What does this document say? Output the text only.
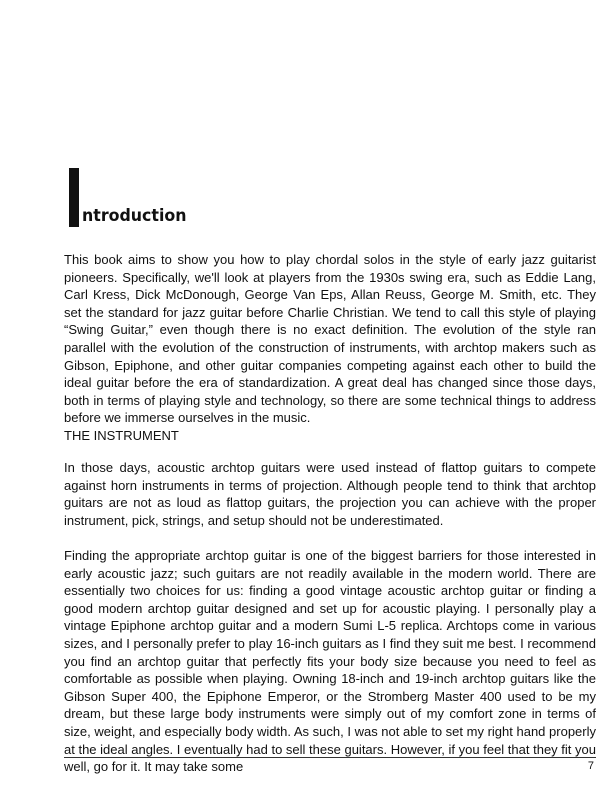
ntroduction

This book aims to show you how to play chordal solos in the style of early jazz guitarist pioneers. Specifically, we'll look at players from the 1930s swing era, such as Eddie Lang, Carl Kress, Dick McDonough, George Van Eps, Allan Reuss, George M. Smith, etc. They set the standard for jazz guitar before Charlie Christian. We tend to call this style of playing “Swing Guitar,” even though there is no exact definition. The evolution of the style ran parallel with the evolution of the construction of instruments, with archtop makers such as Gibson, Epiphone, and other guitar companies competing against each other to build the ideal guitar before the era of standardization. A great deal has changed since those days, both in terms of playing style and technology, so there are some technical things to address before we immerse ourselves in the music.

THE INSTRUMENT

In those days, acoustic archtop guitars were used instead of flattop guitars to compete against horn instruments in terms of projection. Although people tend to think that archtop guitars are not as loud as flattop guitars, the projection you can achieve with the proper instrument, pick, strings, and setup should not be underestimated.

Finding the appropriate archtop guitar is one of the biggest barriers for those interested in early acoustic jazz; such guitars are not readily available in the modern world. There are essentially two choices for us: finding a good vintage acoustic archtop guitar or finding a good modern archtop guitar designed and set up for acoustic playing. I personally play a vintage Epiphone archtop guitar and a modern Sumi L-5 replica. Archtops come in various sizes, and I personally prefer to play 16-inch guitars as I find they suit me best. I recommend you find an archtop guitar that perfectly fits your body size because you need to feel as comfortable as possible when playing. Owning 18-inch and 19-inch archtop guitars like the Gibson Super 400, the Epiphone Emperor, or the Stromberg Master 400 used to be my dream, but these large body instruments were simply out of my comfort zone in terms of size, weight, and especially body width. As such, I was not able to set my right hand properly at the ideal angles. I eventually had to sell these guitars. However, if you feel that they fit you well, go for it. It may take some	7
